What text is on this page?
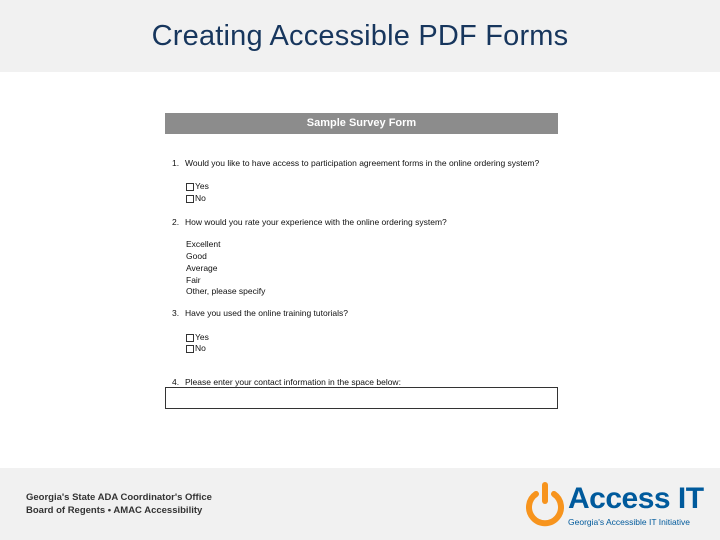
Creating Accessible PDF Forms
Sample Survey Form
1. Would you like to have access to participation agreement forms in the online ordering system?
Yes
No
2. How would you rate your experience with the online ordering system?
Excellent
Good
Average
Fair
Other, please specify
3. Have you used the online training tutorials?
Yes
No
4. Please enter your contact information in the space below:
Georgia's State ADA Coordinator's Office
Board of Regents • AMAC Accessibility	Access IT
Georgia's Accessible IT Initiative
